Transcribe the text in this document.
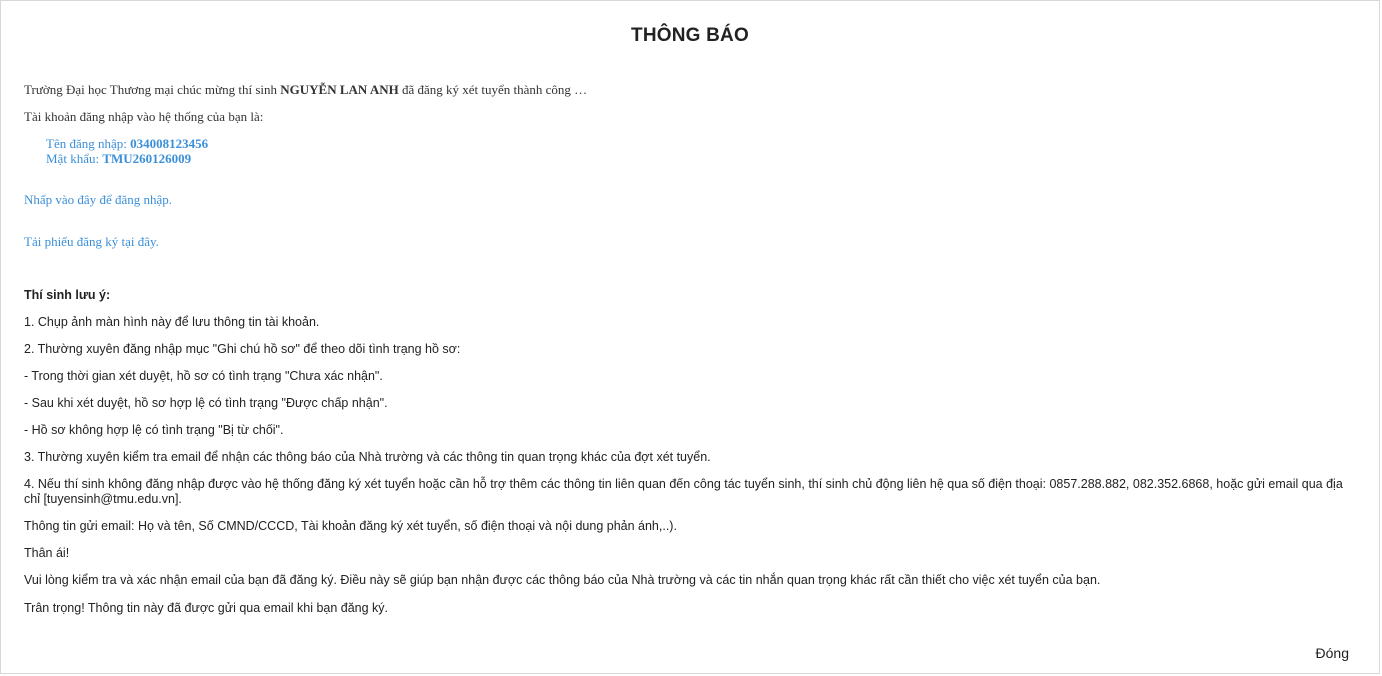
THÔNG BÁO
Trường Đại học Thương mại chúc mừng thí sinh NGUYỄN LAN ANH đã đăng ký xét tuyển thành công …
Tài khoản đăng nhập vào hệ thống của bạn là:
Tên đăng nhập: 034008123456
Mật khẩu: TMU260126009
Nhấp vào đây để đăng nhập.
Tải phiếu đăng ký tại đây.
Thí sinh lưu ý:
1. Chụp ảnh màn hình này để lưu thông tin tài khoản.
2. Thường xuyên đăng nhập mục "Ghi chú hồ sơ" để theo dõi tình trạng hồ sơ:
- Trong thời gian xét duyệt, hồ sơ có tình trạng "Chưa xác nhận".
- Sau khi xét duyệt, hồ sơ hợp lệ có tình trạng "Được chấp nhận".
- Hồ sơ không hợp lệ có tình trạng "Bị từ chối".
3. Thường xuyên kiểm tra email để nhận các thông báo của Nhà trường và các thông tin quan trọng khác của đợt xét tuyển.
4. Nếu thí sinh không đăng nhập được vào hệ thống đăng ký xét tuyển hoặc cần hỗ trợ thêm các thông tin liên quan đến công tác tuyển sinh, thí sinh chủ động liên hệ qua số điện thoại: 0857.288.882, 082.352.6868, hoặc gửi email qua địa chỉ [tuyensinh@tmu.edu.vn].
Thông tin gửi email: Họ và tên, Số CMND/CCCD, Tài khoản đăng ký xét tuyển, số điện thoại và nội dung phản ánh,..).
Thân ái!
Vui lòng kiểm tra và xác nhận email của bạn đã đăng ký. Điều này sẽ giúp bạn nhận được các thông báo của Nhà trường và các tin nhắn quan trọng khác rất cần thiết cho việc xét tuyển của bạn.
Trân trọng! Thông tin này đã được gửi qua email khi bạn đăng ký.
Đóng
